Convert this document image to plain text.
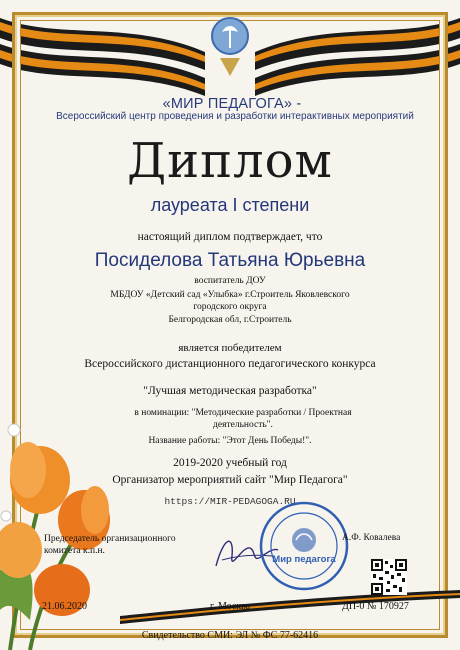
«МИР ПЕДАГОГА» -
Всероссийский центр проведения и разработки интерактивных мероприятий
Диплом
лауреата I степени
настоящий диплом подтверждает, что
Посиделова Татьяна Юрьевна
воспитатель ДОУ
МБДОУ «Детский сад «Улыбка» г.Строитель Яковлевского городского округа
Белгородская обл, г.Строитель
является победителем
Всероссийского дистанционного педагогического конкурса
"Лучшая методическая разработка"
в номинации: "Методические разработки / Проектная деятельность".
Название работы: "Этот День Победы!".
2019-2020 учебный год
Организатор мероприятий сайт "Мир Педагога"
https://MIR-PEDAGOGA.RU
Председатель организационного
комитета к.п.н.
Мир педагога
А.Ф. Ковалева
21.06.2020	г. Москва	ДП-0 № 170927
Свидетельство СМИ: ЭЛ № ФС 77-62416
